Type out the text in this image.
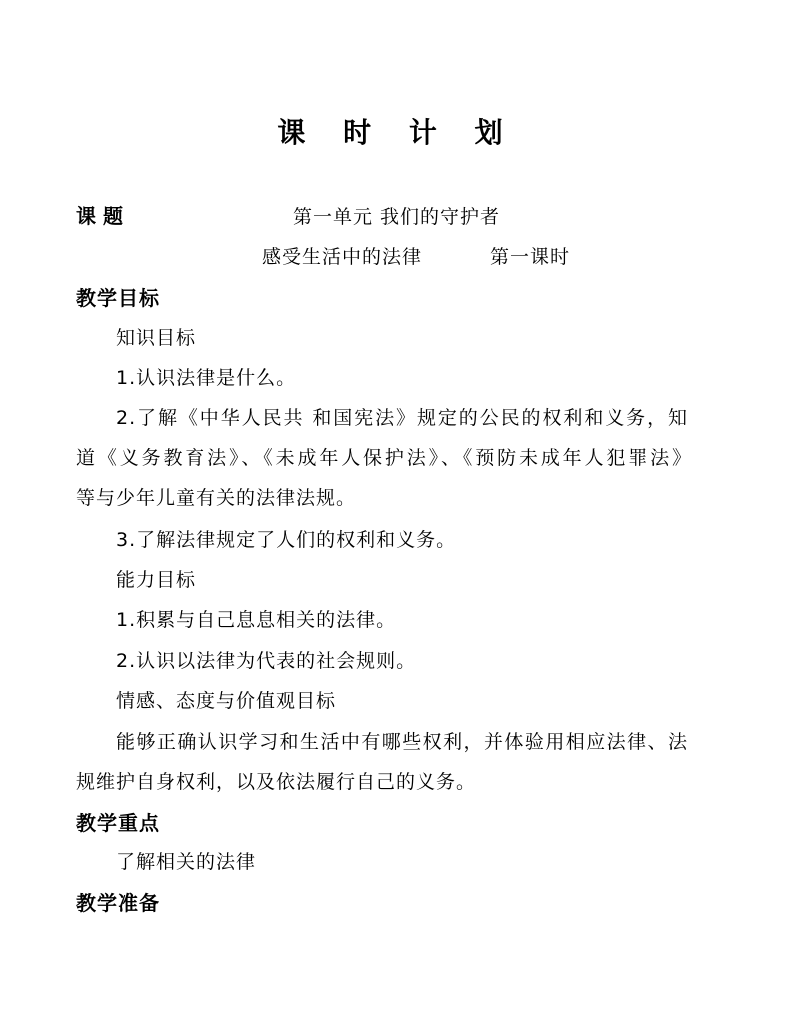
课 时 计 划
课 题	第一单元 我们的守护者
感受生活中的法律	第一课时
教学目标
知识目标
1.认识法律是什么。
2.了解《中华人民共 和国宪法》规定的公民的权利和义务，知
道《义务教育法》、《未成年人保护法》、《预防未成年人犯罪法》
等与少年儿童有关的法律法规。
3.了解法律规定了人们的权利和义务。
能力目标
1.积累与自己息息相关的法律。
2.认识以法律为代表的社会规则。
情感、态度与价值观目标
能够正确认识学习和生活中有哪些权利，并体验用相应法律、法
规维护自身权利，以及依法履行自己的义务。
教学重点
了解相关的法律
教学准备
